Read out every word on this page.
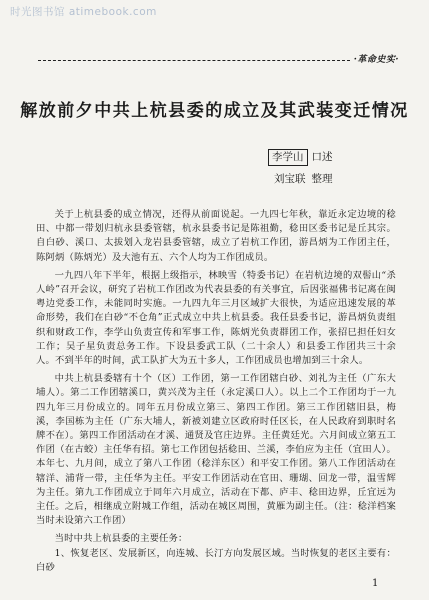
时光图书馆 atimebook.com
·革命史实·
解放前夕中共上杭县委的成立及其武装变迁情况
李学山 口述
刘宝联 整理

关于上杭县委的成立情况，还得从前面说起。一九四七年秋，靠近永定边境的稔田、中都一带划归杭永县委管辖，杭永县委书记是陈祖勤，稔田区委书记是丘其宗。自白砂、溪口、太拔划入龙岩县委管辖，成立了岩杭工作团，游昌炳为工作团主任，陈阿炳（陈炳光）及大池有五、六个人均为工作团成员。

一九四八年下半年，根据上级指示，林映雪（特委书记）在岩杭边境的双髻山“杀人岭”召开会议，研究了岩杭工作团改为代表县委的有关事宜，后因张福佛书记离在闽粤边党委工作，未能同时实施。一九四九年三月区域扩大很快，为适应迅速发展的革命形势，我们在白砂“不仓角”正式成立中共上杭县委。我任县委书记，游昌炳负责组织和财政工作，李学山负责宣传和军事工作，陈炳光负责群团工作，张招巳担任妇女工作；吴子星负责总务工作。下设县委武工队（二十余人）和县委工作团共三十余人。不到半年的时间，武工队扩大为五十多人，工作团成员也增加到三十余人。

中共上杭县委辖有十个（区）工作团，第一工作团辖白砂、刘礼为主任（广东大埔人）。第二工作团辖溪口，黄兴茂为主任（永定溪口人）。以上二个工作团均于一九四九年三月份成立的。同年五月份成立第三、第四工作团。第三工作团辖旧县，梅溪，李国栋为主任（广东大埔人，新被刘建立区政府时任区长，在人民政府到职时名牌不在）。第四工作团活动在才溪、通贤及官庄边界。主任黄廷光。六月间成立第五工作团（在古蛟）主任华有招。第七工作团包括稔田、兰溪，李伯应为主任（宜田人）。本年七、九月间，成立了第八工作团（稔洋东区）和平安工作团。第八工作团活动在辖洋、浦背一带，主任华为主任。平安工作团活动在官田、珊瑚、回龙一带，温雪辉为主任。第九工作团成立于同年六月成立，活动在下都、庐丰、稔田边界，丘宜远为主任。之后，相继成立附城工作组，活动在城区周围，黄雁为副主任。（注：稔洋档案当时未设第六工作团）

当时中共上杭县委的主要任务：

1、恢复老区、发展新区，向连城、长汀方向发展区域。当时恢复的老区主要有：白砂

1
